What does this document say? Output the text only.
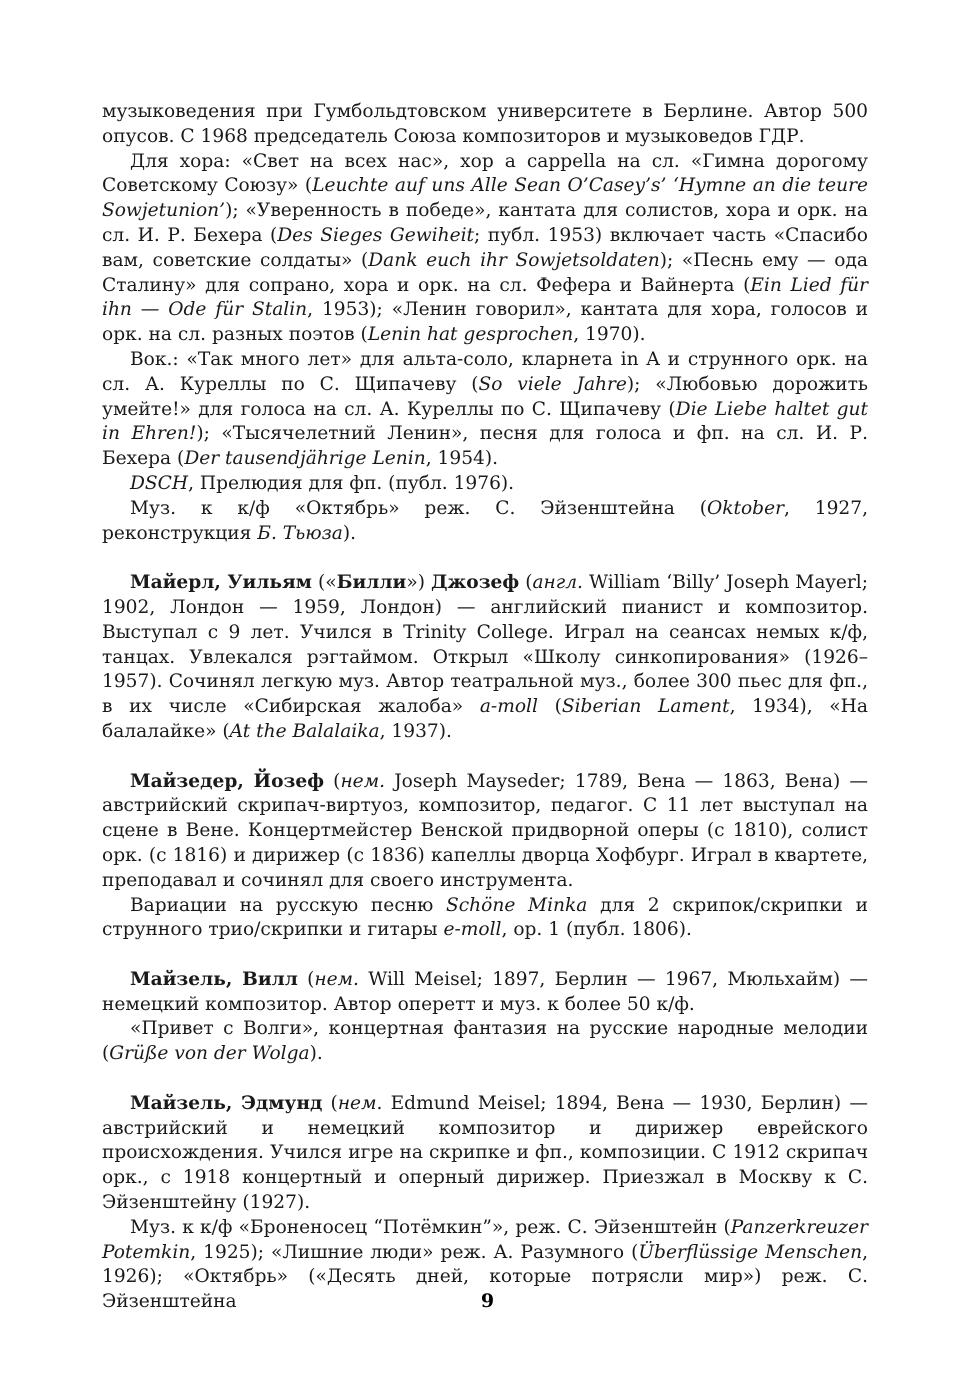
музыковедения при Гумбольдтовском университете в Берлине. Автор 500 опусов. С 1968 председатель Союза композиторов и музыковедов ГДР.

Для хора: «Свет на всех нас», хор a cappella на сл. «Гимна дорогому Советскому Союзу» (Leuchte auf uns Alle Sean O’Casey’s’ ‘Hymne an die teure Sowjetunion’); «Уверенность в победе», кантата для солистов, хора и орк. на сл. И. Р. Бехера (Des Sieges Gewiheit; публ. 1953) включает часть «Спасибо вам, советские солдаты» (Dank euch ihr Sowjetsoldaten); «Песнь ему — ода Сталину» для сопрано, хора и орк. на сл. Фефера и Вайнерта (Ein Lied für ihn — Ode für Stalin, 1953); «Ленин говорил», кантата для хора, голосов и орк. на сл. разных поэтов (Lenin hat gesprochen, 1970).

Вок.: «Так много лет» для альта-соло, кларнета in A и струнного орк. на сл. А. Куреллы по С. Щипачеву (So viele Jahre); «Любовью дорожить умейте!» для голоса на сл. А. Куреллы по С. Щипачеву (Die Liebe haltet gut in Ehren!); «Тысячелетний Ленин», песня для голоса и фп. на сл. И. Р. Бехера (Der tausendjährige Lenin, 1954).

DSCH, Прелюдия для фп. (публ. 1976).

Муз. к к/ф «Октябрь» реж. С. Эйзенштейна (Oktober, 1927, реконструкция Б. Тьюза).

Майерл, Уильям («Билли») Джозеф (англ. William ‘Billy’ Joseph Mayerl; 1902, Лондон — 1959, Лондон) — английский пианист и композитор. Выступал с 9 лет. Учился в Trinity College. Играл на сеансах немых к/ф, танцах. Увлекался рэгтаймом. Открыл «Школу синкопирования» (1926–1957). Сочинял легкую муз. Автор театральной муз., более 300 пьес для фп., в их числе «Сибирская жалоба» a-moll (Siberian Lament, 1934), «На балалайке» (At the Balalaika, 1937).

Майзедер, Йозеф (нем. Joseph Mayseder; 1789, Вена — 1863, Вена) — австрийский скрипач-виртуоз, композитор, педагог. С 11 лет выступал на сцене в Вене. Концертмейстер Венской придворной оперы (с 1810), солист орк. (с 1816) и дирижер (с 1836) капеллы дворца Хофбург. Играл в квартете, преподавал и сочинял для своего инструмента.

Вариации на русскую песню Schöne Minka для 2 скрипок/скрипки и струнного трио/скрипки и гитары e-moll, ор. 1 (публ. 1806).

Майзель, Вилл (нем. Will Meisel; 1897, Берлин — 1967, Мюльхайм) — немецкий композитор. Автор оперетт и муз. к более 50 к/ф.

«Привет с Волги», концертная фантазия на русские народные мелодии (Grüße von der Wolga).

Майзель, Эдмунд (нем. Edmund Meisel; 1894, Вена — 1930, Берлин) — австрийский и немецкий композитор и дирижер еврейского происхождения. Учился игре на скрипке и фп., композиции. С 1912 скрипач орк., с 1918 концертный и оперный дирижер. Приезжал в Москву к С. Эйзенштейну (1927).

Муз. к к/ф «Броненосец “Потёмкин”», реж. С. Эйзенштейн (Panzerkreuzer Potemkin, 1925); «Лишние люди» реж. А. Разумного (Überflüssige Menschen, 1926); «Октябрь» («Десять дней, которые потрясли мир») реж. С. Эйзенштейна	9
